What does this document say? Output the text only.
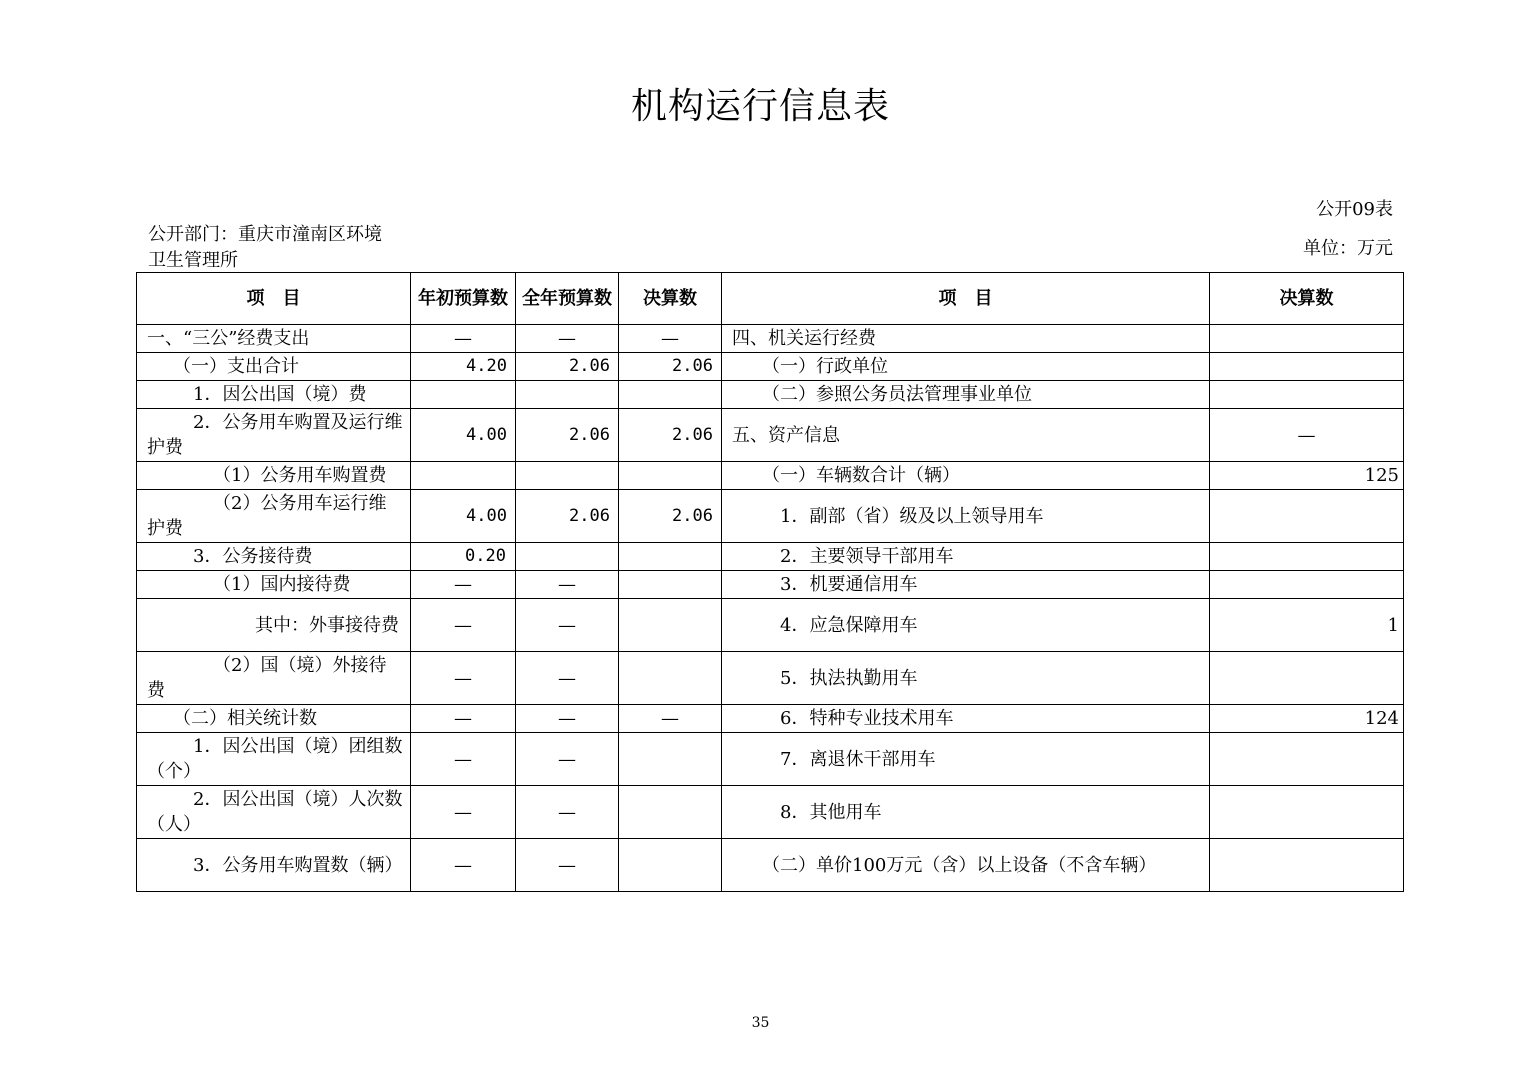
机构运行信息表
公开09表
公开部门：重庆市潼南区环境卫生管理所
单位：万元
项　目	年初预算数	全年预算数	决算数	项　目	决算数
一、“三公”经费支出	—	—	—	四、机关运行经费	
（一）支出合计	4.20	2.06	2.06	（一）行政单位	
1．因公出国（境）费				（二）参照公务员法管理事业单位	

2．公务用车购置及运行维护费	4.00	2.06	2.06	五、资产信息	—
（1）公务用车购置费				（一）车辆数合计（辆）	125

（2）公务用车运行维护费	4.00	2.06	2.06	1．副部（省）级及以上领导用车	
3．公务接待费	0.20			2．主要领导干部用车	
（1）国内接待费	—	—		3．机要通信用车	

其中：外事接待费	—	—		4．应急保障用车	1

（2）国（境）外接待费	—	—		5．执法执勤用车	
（二）相关统计数	—	—	—	6．特种专业技术用车	124

1．因公出国（境）团组数（个）	—	—		7．离退休干部用车	

2．因公出国（境）人次数（人）	—	—		8．其他用车	

3．公务用车购置数（辆）	—	—		（二）单价100万元（含）以上设备（不含车辆）	
35
